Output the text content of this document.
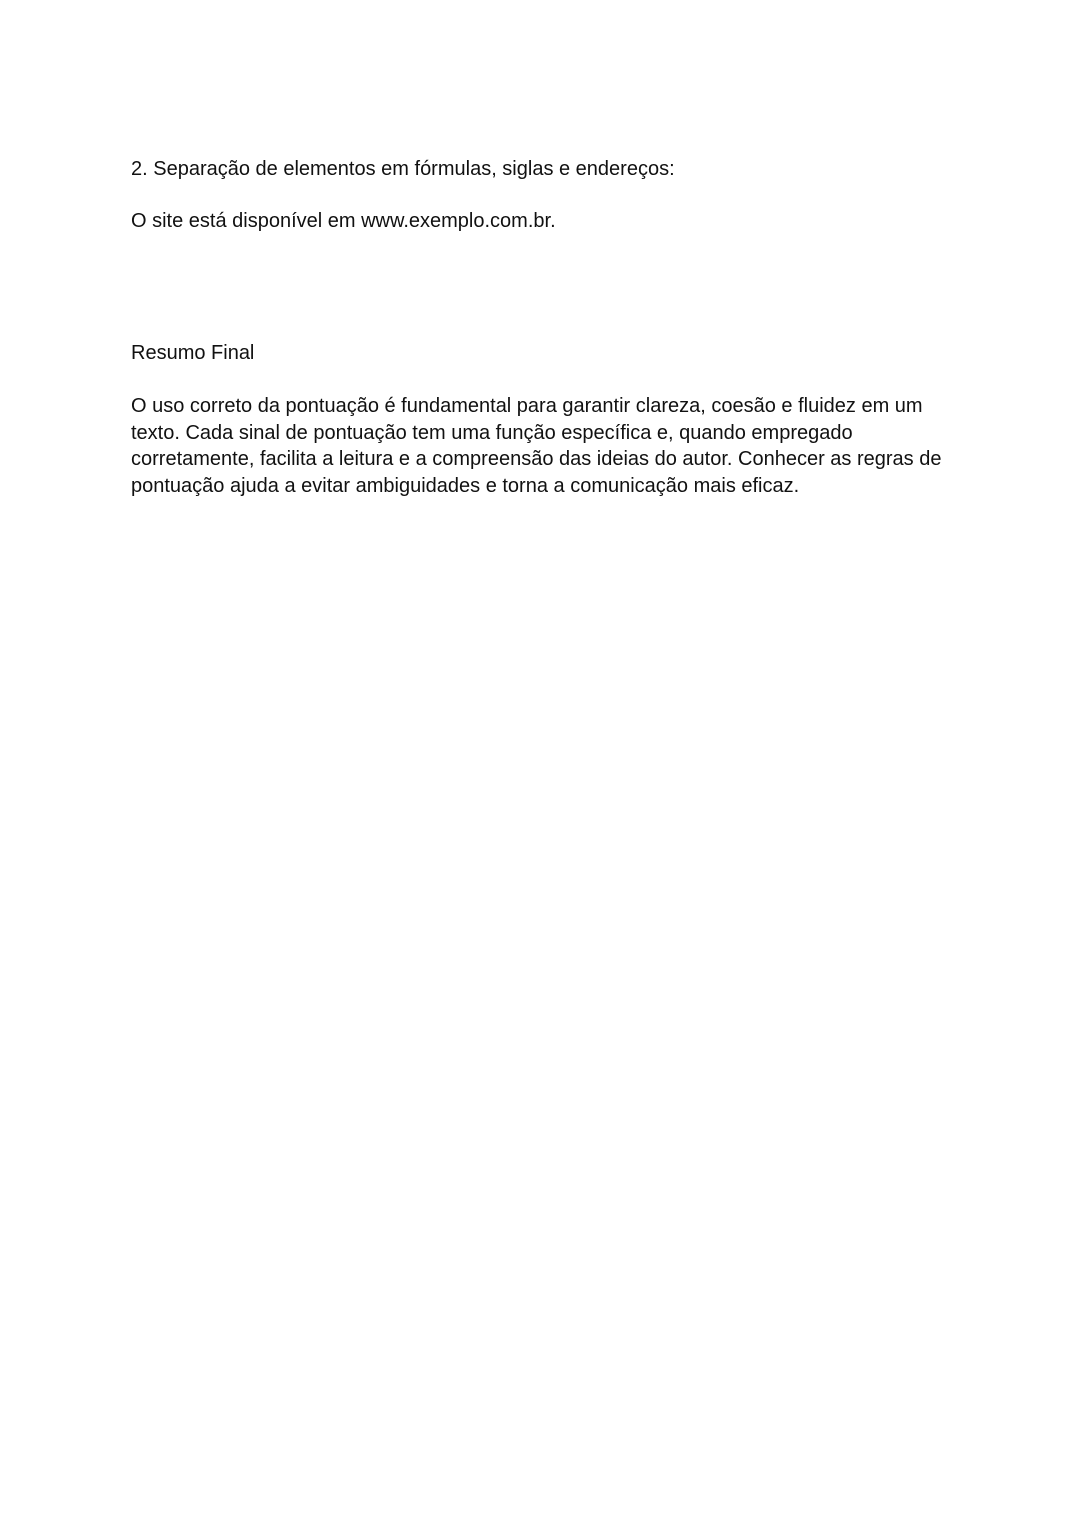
2. Separação de elementos em fórmulas, siglas e endereços:

O site está disponível em www.exemplo.com.br.

Resumo Final

O uso correto da pontuação é fundamental para garantir clareza, coesão e fluidez em um
texto. Cada sinal de pontuação tem uma função específica e, quando empregado
corretamente, facilita a leitura e a compreensão das ideias do autor. Conhecer as regras de
pontuação ajuda a evitar ambiguidades e torna a comunicação mais eficaz.
